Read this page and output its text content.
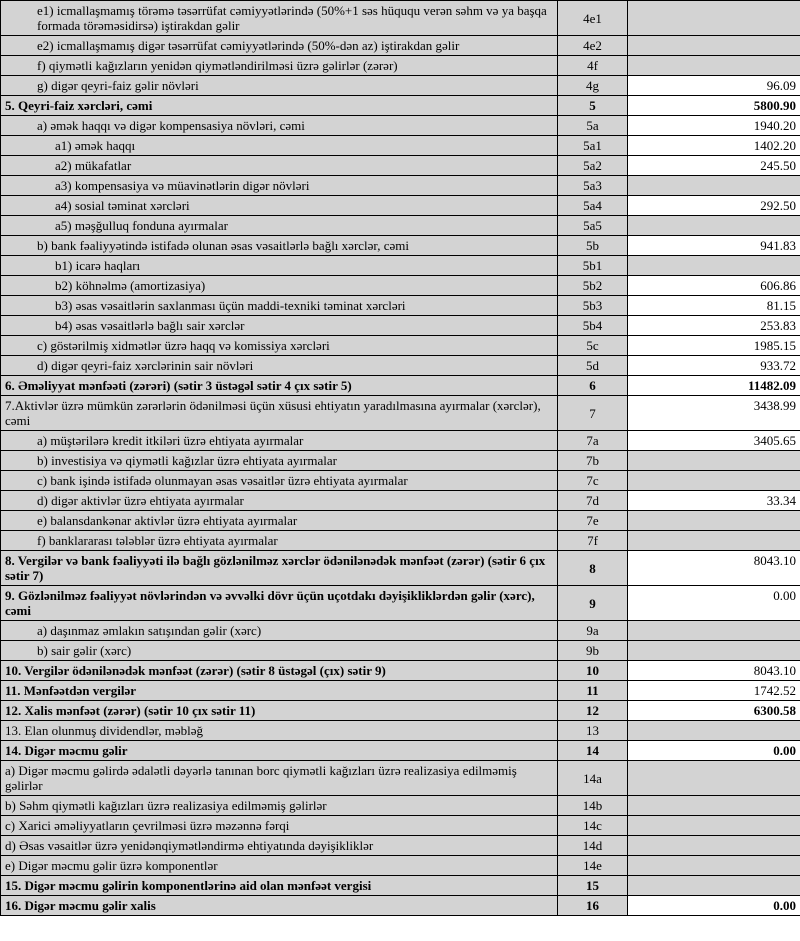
e1) icmallaşmamış törəmə təsərrüfat cəmiyyətlərində (50%+1 səs hüququ verən səhm və ya başqa formada törəməsidirsə) iştirakdan gəlir	4e1	
e2) icmallaşmamış digər təsərrüfat cəmiyyətlərində (50%-dən az) iştirakdan gəlir	4e2	
f) qiymətli kağızların yenidən qiymətləndirilməsi üzrə gəlirlər (zərər)	4f	
g) digər qeyri-faiz gəlir növləri	4g	96.09
5. Qeyri-faiz xərcləri, cəmi	5	5800.90
a) əmək haqqı və digər kompensasiya növləri, cəmi	5a	1940.20
a1) əmək haqqı	5a1	1402.20
a2) mükafatlar	5a2	245.50
a3) kompensasiya və müavinətlərin digər növləri	5a3	
a4) sosial təminat xərcləri	5a4	292.50
a5) məşğulluq fonduna ayırmalar	5a5	
b) bank fəaliyyətində istifadə olunan əsas vəsaitlərlə bağlı xərclər, cəmi	5b	941.83
b1) icarə haqları	5b1	
b2) köhnəlmə (amortizasiya)	5b2	606.86
b3) əsas vəsaitlərin saxlanması üçün maddi-texniki təminat xərcləri	5b3	81.15
b4) əsas vəsaitlərlə bağlı sair xərclər	5b4	253.83
c) göstərilmiş xidmətlər üzrə haqq və komissiya xərcləri	5c	1985.15
d) digər qeyri-faiz xərclərinin sair növləri	5d	933.72
6. Əməliyyat mənfəəti (zərəri) (sətir 3 üstəgəl sətir 4 çıx sətir 5)	6	11482.09
7.Aktivlər üzrə mümkün zərərlərin ödənilməsi üçün xüsusi ehtiyatın yaradılmasına ayırmalar (xərclər), cəmi	7	3438.99
a) müştərilərə kredit itkiləri üzrə ehtiyata ayırmalar	7a	3405.65
b) investisiya və qiymətli kağızlar üzrə ehtiyata ayırmalar	7b	
c) bank işində istifadə olunmayan əsas vəsaitlər üzrə ehtiyata ayırmalar	7c	
d) digər aktivlər üzrə ehtiyata ayırmalar	7d	33.34
e) balansdankənar aktivlər üzrə ehtiyata ayırmalar	7e	
f) banklararası tələblər üzrə ehtiyata ayırmalar	7f	
8. Vergilər və bank fəaliyyəti ilə bağlı gözlənilməz xərclər ödənilənədək mənfəət (zərər) (sətir 6 çıx sətir 7)	8	8043.10
9. Gözlənilməz fəaliyyət növlərindən və əvvəlki dövr üçün uçotdakı dəyişikliklərdən gəlir (xərc), cəmi	9	0.00
a) daşınmaz əmlakın satışından gəlir (xərc)	9a	
b) sair gəlir (xərc)	9b	
10. Vergilər ödənilənədək mənfəət (zərər) (sətir 8 üstəgəl (çıx) sətir 9)	10	8043.10
11. Mənfəətdən vergilər	11	1742.52
12. Xalis mənfəət (zərər) (sətir 10 çıx sətir 11)	12	6300.58
13. Elan olunmuş dividendlər, məbləğ	13	
14. Digər məcmu gəlir	14	0.00
a) Digər məcmu gəlirdə ədalətli dəyərlə tanınan borc qiymətli kağızları üzrə realizasiya edilməmiş gəlirlər	14a	
b) Səhm qiymətli kağızları üzrə realizasiya edilməmiş gəlirlər	14b	
c) Xarici əməliyyatların çevrilməsi üzrə məzənnə fərqi	14c	
d) Əsas vəsaitlər üzrə yenidənqiymətləndirmə ehtiyatında dəyişikliklər	14d	
e) Digər məcmu gəlir üzrə komponentlər	14e	
15. Digər məcmu gəlirin komponentlərinə aid olan mənfəət vergisi	15	
16. Digər məcmu gəlir xalis	16	0.00
